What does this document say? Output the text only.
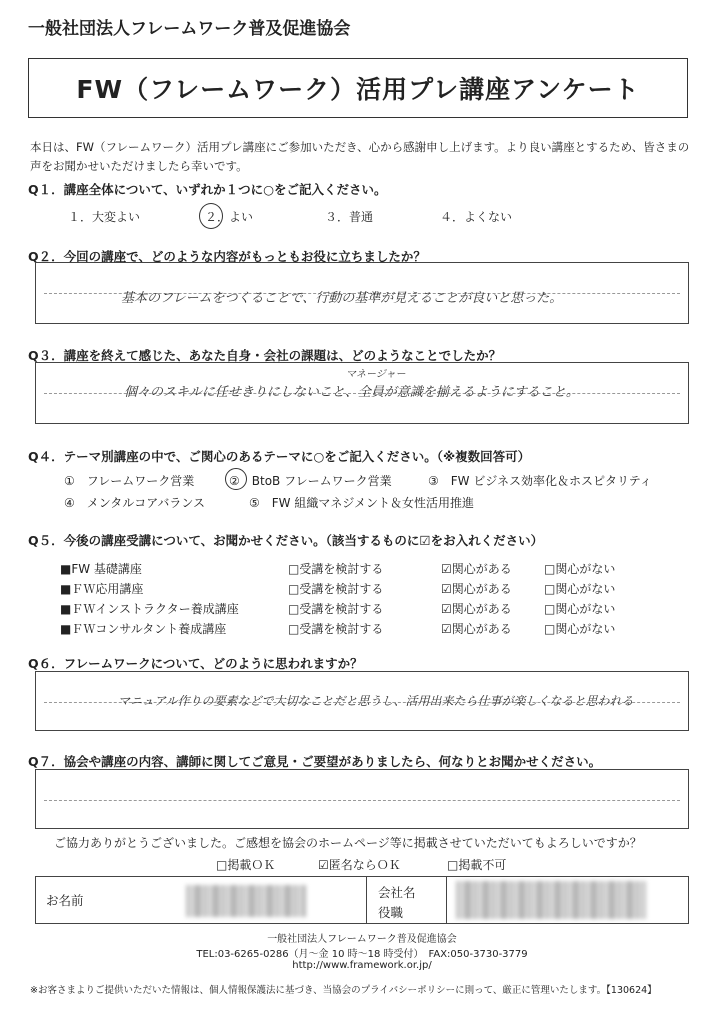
一般社団法人フレームワーク普及促進協会
FW（フレームワーク）活用プレ講座アンケート
本日は、FW（フレームワーク）活用プレ講座にご参加いただき、心から感謝申し上げます。より良い講座とするため、皆さまの声をお聞かせいただけましたら幸いです。
Q１．講座全体について、いずれか１つに○をご記入ください。
１．大変よい	２．よい	３．普通	４．よくない
Q２．今回の講座で、どのような内容がもっともお役に立ちましたか？
基本のフレームをつくることで、行動の基準が見えることが良いと思った。
Q３．講座を終えて感じた、あなた自身・会社の課題は、どのようなことでしたか？
マネージャー
個々のスキルに任せきりにしないこと、全員が意識を揃えるようにすること。
Q４．テーマ別講座の中で、ご関心のあるテーマに○をご記入ください。（※複数回答可）
①　フレームワーク営業	②　BtoB フレームワーク営業	③　FW ビジネス効率化＆ホスピタリティ
④　メンタルコアバランス	⑤　FW 組織マネジメント＆女性活用推進
Q５．今後の講座受講について、お聞かせください。（該当するものに☑をお入れください）
■FW 基礎講座	□受講を検討する	☑関心がある	□関心がない
■ＦＷ応用講座	□受講を検討する	☑関心がある	□関心がない
■ＦＷインストラクター養成講座	□受講を検討する	☑関心がある	□関心がない
■ＦＷコンサルタント養成講座	□受講を検討する	☑関心がある	□関心がない
Q６．フレームワークについて、どのように思われますか？
マニュアル作りの要素などで大切なことだと思うし、活用出来たら仕事が楽しくなると思われる
Q７．協会や講座の内容、講師に関してご意見・ご要望がありましたら、何なりとお聞かせください。
ご協力ありがとうございました。ご感想を協会のホームページ等に掲載させていただいてもよろしいですか？
□掲載ＯＫ	☑匿名ならＯＫ	□掲載不可
お名前
会社名
役職
一般社団法人フレームワーク普及促進協会
TEL:03-6265-0286（月～金 10 時～18 時受付）　FAX:050-3730-3779
http://www.framework.or.jp/
※お客さまよりご提供いただいた情報は、個人情報保護法に基づき、当協会のプライバシーポリシーに則って、厳正に管理いたします。【130624】
